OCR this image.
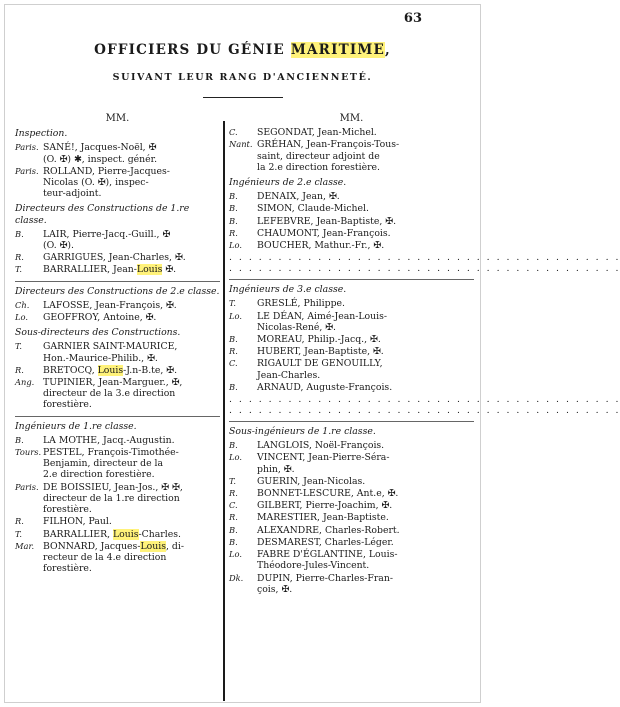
63
OFFICIERS DU GÉNIE MARITIME,
SUIVANT LEUR RANG D'ANCIENNETÉ.
MM.
Inspection.
Paris. SANÉ!, Jacques-Noël, ✠
(O. ✠) ✱, inspect. génér.
Paris. ROLLAND, Pierre-Jacques-
Nicolas (O. ✠), inspec-
teur-adjoint.
Directeurs des Constructions de 1.re classe.
B.	LAIR, Pierre-Jacq.-Guill., ✠
(O. ✠).
R.	GARRIGUES, Jean-Charles, ✠.
T.	BARRALLIER, Jean-Louis ✠.
Directeurs des Constructions de 2.e classe.
Ch.	LAFOSSE, Jean-François, ✠.
Lo.	GEOFFROY, Antoine, ✠.
Sous-directeurs des Constructions.
T.	GARNIER SAINT-MAURICE,
Hon.-Maurice-Philib., ✠.
R.	BRETOCQ, Louis-J.n-B.te, ✠.
Ang. TUPINIER, Jean-Marguer., ✠,
directeur de la 3.e direction
forestière.
Ingénieurs de 1.re classe.
B.	LA MOTHE, Jacq.-Augustin.
Tours. PESTEL, François-Timothée-
Benjamin, directeur de la
2.e direction forestière.
Paris. DE BOISSIEU, Jean-Jos., ✠ ✠,
directeur de la 1.re direction
forestière.
R.	FILHON, Paul.
T.	BARRALLIER, Louis-Charles.
Mar. BONNARD, Jacques-Louis, di-
recteur de la 4.e direction
forestière.
MM.
C.	SEGONDAT, Jean-Michel.
Nant. GRÉHAN, Jean-François-Tous-
saint, directeur adjoint de
la 2.e direction forestière.
Ingénieurs de 2.e classe.
B.	DENAIX, Jean, ✠.
B.	SIMON, Claude-Michel.
B.	LEFEBVRE, Jean-Baptiste, ✠.
R.	CHAUMONT, Jean-François.
Lo.	BOUCHER, Mathur.-Fr., ✠.
. . . . . . . . . . . . . . . . . . . . . . . . . . . . . . . . . . . . . . . .
. . . . . . . . . . . . . . . . . . . . . . . . . . . . . . . . . . . . . . . .
Ingénieurs de 3.e classe.
T.	GRESLÉ, Philippe.
Lo.	LE DÉAN, Aimé-Jean-Louis-
Nicolas-René, ✠.
B.	MOREAU, Philip.-Jacq., ✠.
R.	HUBERT, Jean-Baptiste, ✠.
C.	RIGAULT DE GENOUILLY,
Jean-Charles.
B.	ARNAUD, Auguste-François.
. . . . . . . . . . . . . . . . . . . . . . . . . . . . . . . . . . . . . . . .
. . . . . . . . . . . . . . . . . . . . . . . . . . . . . . . . . . . . . . . .
Sous-ingénieurs de 1.re classe.
B.	LANGLOIS, Noël-François.
Lo.	VINCENT, Jean-Pierre-Séra-
phin, ✠.
T.	GUERIN, Jean-Nicolas.
R.	BONNET-LESCURE, Ant.e, ✠.
C.	GILBERT, Pierre-Joachim, ✠.
R.	MARESTIER, Jean-Baptiste.
B.	ALEXANDRE, Charles-Robert.
B.	DESMAREST, Charles-Léger.
Lo.	FABRE D'ÉGLANTINE, Louis-
Théodore-Jules-Vincent.
Dk.	DUPIN, Pierre-Charles-Fran-
çois, ✠.
